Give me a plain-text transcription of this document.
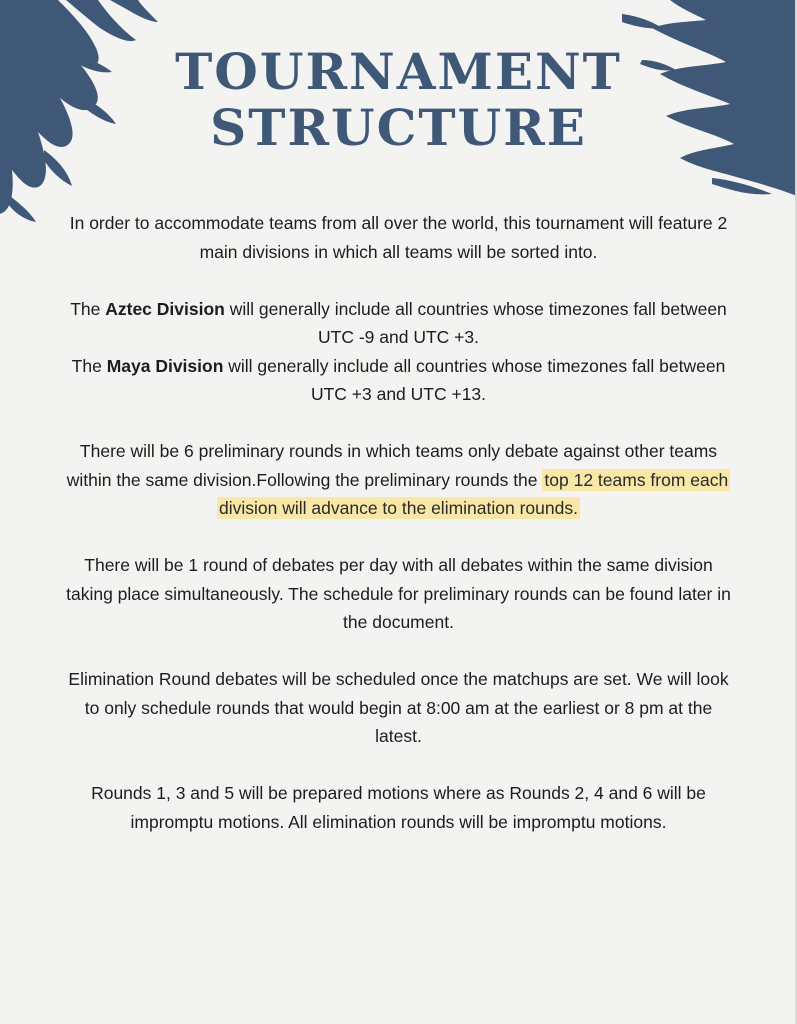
TOURNAMENT
STRUCTURE

In order to accommodate teams from all over the world, this tournament will feature 2 main divisions in which all teams will be sorted into.

The Aztec Division will generally include all countries whose timezones fall between UTC -9 and UTC +3.
The Maya Division will generally include all countries whose timezones fall between UTC +3 and UTC +13.

There will be 6 preliminary rounds in which teams only debate against other teams within the same division.Following the preliminary rounds the top 12 teams from each division will advance to the elimination rounds.

There will be 1 round of debates per day with all debates within the same division taking place simultaneously. The schedule for preliminary rounds can be found later in the document.

Elimination Round debates will be scheduled once the matchups are set. We will look to only schedule rounds that would begin at 8:00 am at the earliest or 8 pm at the latest.

Rounds 1, 3 and 5 will be prepared motions where as Rounds 2, 4 and 6 will be impromptu motions. All elimination rounds will be impromptu motions.
